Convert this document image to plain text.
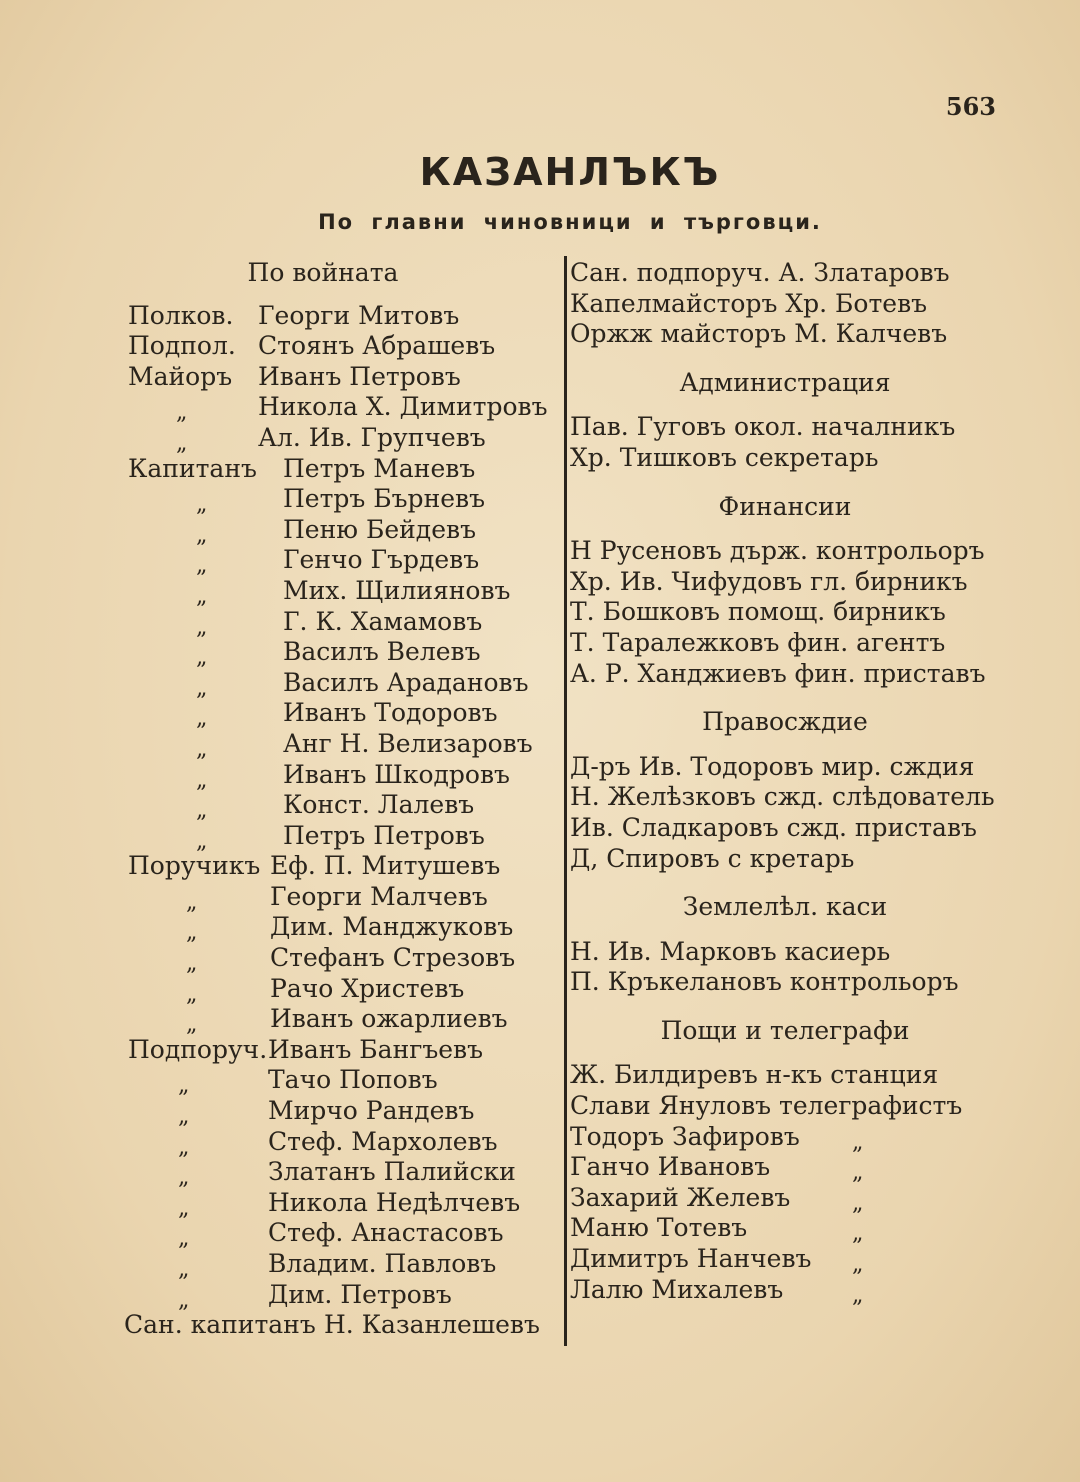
563
КАЗАНЛЪКЪ
По главни чиновници и търговци.
По войната
Полков. Георги Митовъ
Подпол. Стоянъ Абрашевъ
Майоръ Иванъ Петровъ
„	Никола Х. Димитровъ
„	Ал. Ив. Групчевъ
Капитанъ Петръ Маневъ
„	Петръ Бърневъ
„	Пеню Бейдевъ
„	Генчо Гърдевъ
„	Мих. Щилияновъ
„	Г. К. Хамамовъ
„	Василъ Велевъ
„	Василъ Арадановъ
„	Иванъ Тодоровъ
„	Анг Н. Велизаровъ
„	Иванъ Шкодровъ
„	Конст. Лалевъ
„	Петръ Петровъ
Поручикъ Еф. П. Митушевъ
„	Георги Малчевъ
„	Дим. Манджуковъ
„	Стефанъ Стрезовъ
„	Рачо Христевъ
„	Иванъ ожарлиевъ
Подпоруч. Иванъ Бангъевъ
„	Тачо Поповъ
„	Мирчо Рандевъ
„	Стеф. Мархолевъ
„	Златанъ Палийски
„	Никола Недѣлчевъ
„	Стеф. Анастасовъ
„	Владим. Павловъ
„	Дим. Петровъ
Сан. капитанъ Н. Казанлешевъ
Сан. подпоруч. А. Златаровъ
Капелмайсторъ Хр. Ботевъ
Оржж майсторъ М. Калчевъ
Администрация
Пав. Гуговъ окол. началникъ
Хр. Тишковъ секретарь
Финансии
Н Русеновъ държ. контрольоръ
Хр. Ив. Чифудовъ гл. бирникъ
Т. Бошковъ помощ. бирникъ
Т. Таралежковъ фин. агентъ
А. Р. Ханджиевъ фин. приставъ
Правосждие
Д-ръ Ив. Тодоровъ мир. сждия
Н. Желѣзковъ сжд. слѣдователь
Ив. Сладкаровъ сжд. приставъ
Д, Спировъ с кретарь
Землелѣл. каси
Н. Ив. Марковъ касиерь
П. Кръкелановъ контрольоръ
Пощи и телеграфи
Ж. Билдиревъ н-къ станция
Слави Януловъ телеграфистъ
Тодоръ Зафировъ „
Ганчо Ивановъ	„
Захарий Желевъ	„
Маню Тотевъ	„
Димитръ Нанчевъ „
Лалю Михалевъ	„
